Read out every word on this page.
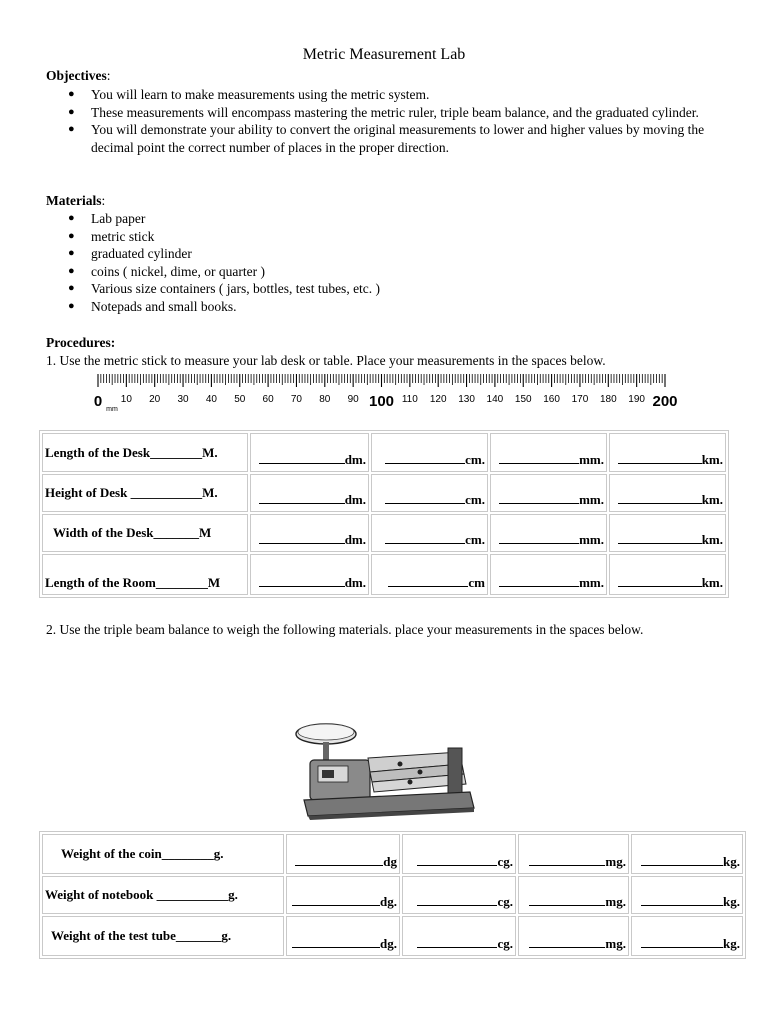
Metric Measurement Lab
Objectives:
● You will learn to make measurements using the metric system.
● These measurements will encompass mastering the metric ruler, triple beam balance, and the graduated cylinder.
● You will demonstrate your ability to convert the original measurements to lower and higher values by moving the decimal point the correct number of places in the proper direction.
Materials:
● Lab paper
● metric stick
● graduated cylinder
● coins ( nickel, dime, or quarter )
● Various size containers ( jars, bottles, test tubes, etc. )
● Notepads and small books.
Procedures:
1. Use the metric stick to measure your lab desk or table. Place your measurements in the spaces below.
0 10 20 30 40 50 60 70 80 90 100 110 120 130 140 150 160 170 180 190 200
mm
Length of the Desk________M.	dm.	cm.	mm.	km.
Height of Desk ___________M.	dm.	cm.	mm.	km.
Width of the Desk_______M	dm.	cm.	mm.	km.
Length of the Room________M	dm.	cm	mm.	km.
2. Use the triple beam balance to weigh the following materials. place your measurements in the spaces below.
Weight of the coin________g.	dg	cg.	mg.	kg.
Weight of notebook ___________g.	dg.	cg.	mg.	kg.
Weight of the test tube_______g.	dg.	cg.	mg.	kg.
